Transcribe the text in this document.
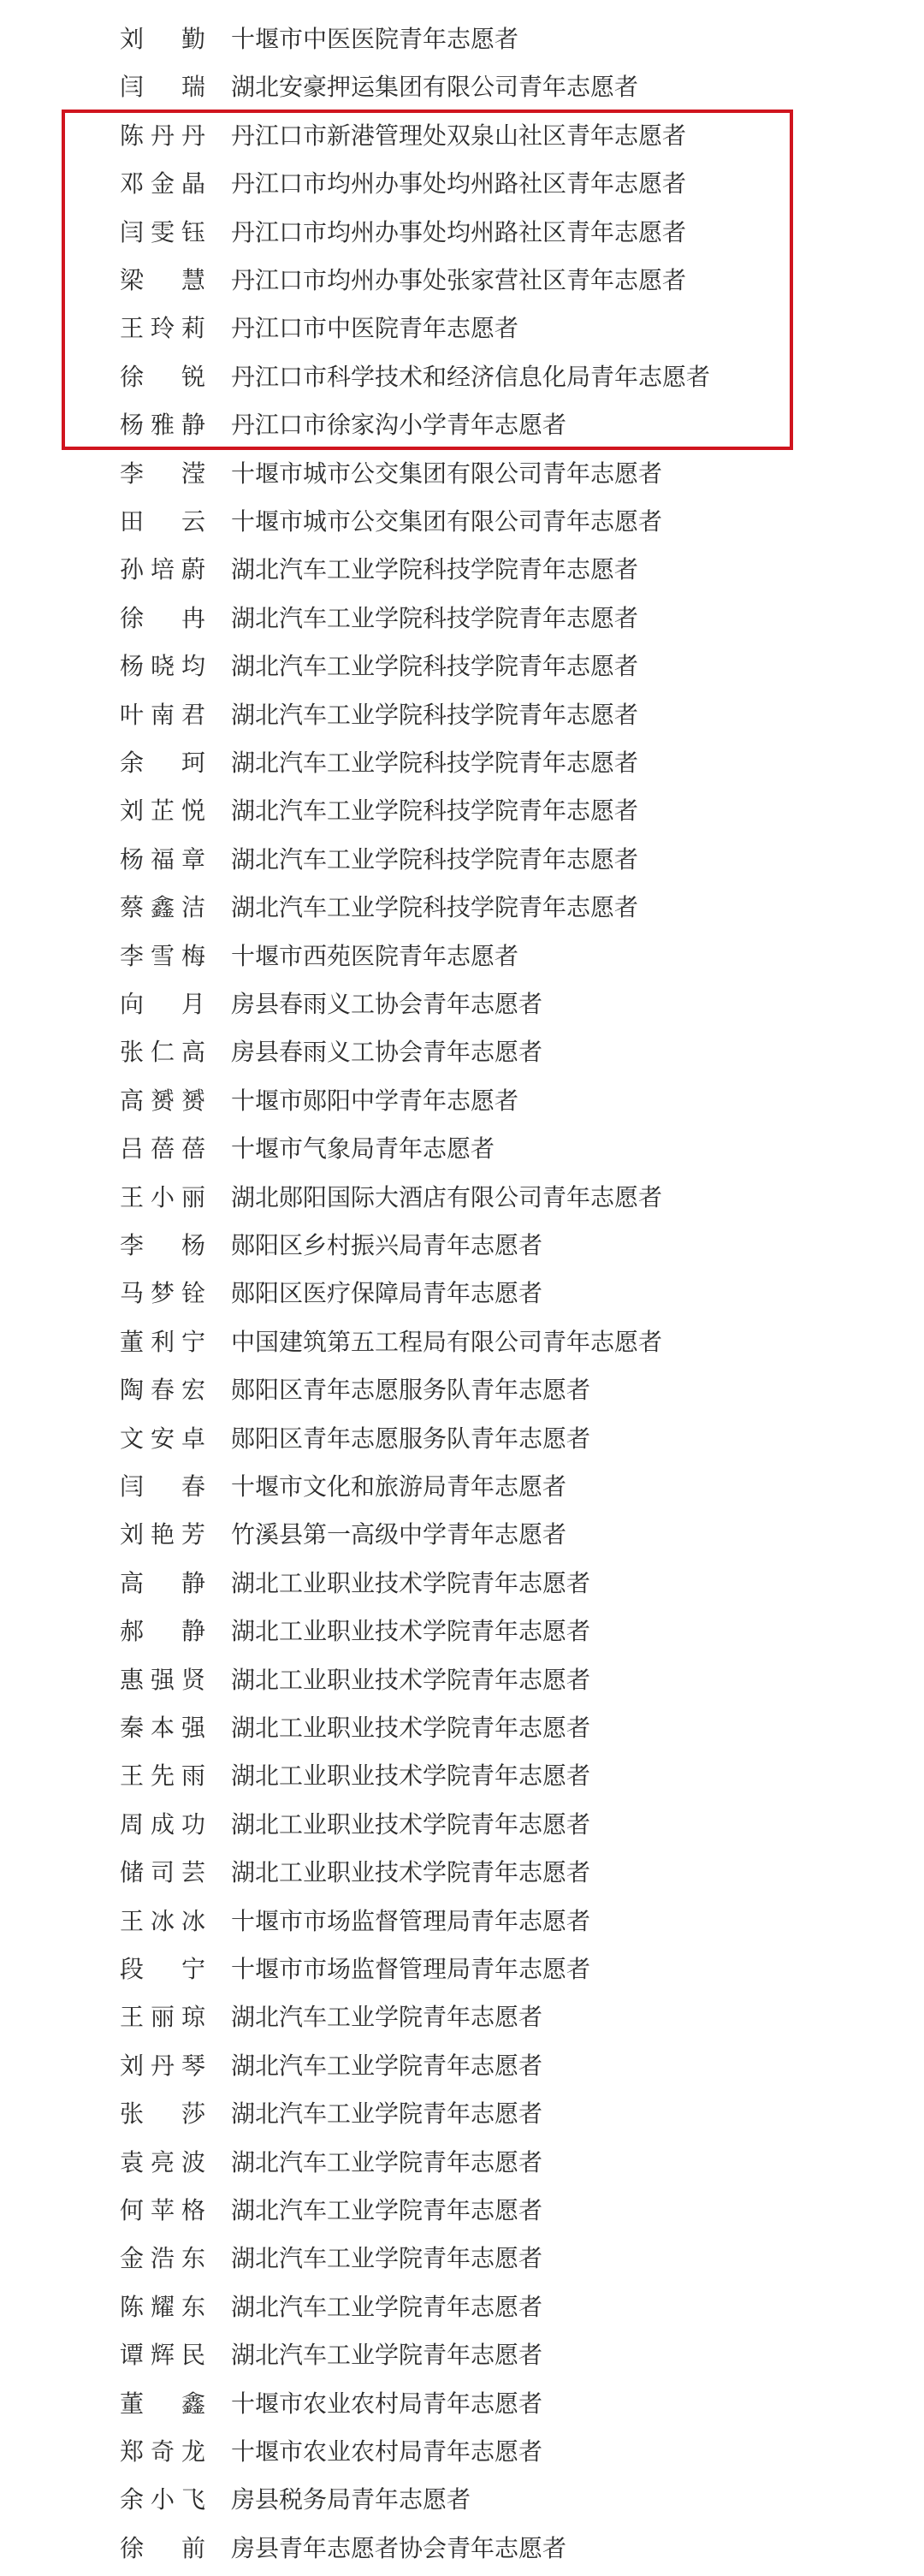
刘勤 十堰市中医医院青年志愿者
闫瑞 湖北安豪押运集团有限公司青年志愿者
陈丹丹 丹江口市新港管理处双泉山社区青年志愿者
邓金晶 丹江口市均州办事处均州路社区青年志愿者
闫雯钰 丹江口市均州办事处均州路社区青年志愿者
梁慧 丹江口市均州办事处张家营社区青年志愿者
王玲莉 丹江口市中医院青年志愿者
徐锐 丹江口市科学技术和经济信息化局青年志愿者
杨雅静 丹江口市徐家沟小学青年志愿者
李滢 十堰市城市公交集团有限公司青年志愿者
田云 十堰市城市公交集团有限公司青年志愿者
孙培蔚 湖北汽车工业学院科技学院青年志愿者
徐冉 湖北汽车工业学院科技学院青年志愿者
杨晓均 湖北汽车工业学院科技学院青年志愿者
叶南君 湖北汽车工业学院科技学院青年志愿者
余珂 湖北汽车工业学院科技学院青年志愿者
刘芷悦 湖北汽车工业学院科技学院青年志愿者
杨福章 湖北汽车工业学院科技学院青年志愿者
蔡鑫洁 湖北汽车工业学院科技学院青年志愿者
李雪梅 十堰市西苑医院青年志愿者
向月 房县春雨义工协会青年志愿者
张仁高 房县春雨义工协会青年志愿者
高赟赟 十堰市郧阳中学青年志愿者
吕蓓蓓 十堰市气象局青年志愿者
王小丽 湖北郧阳国际大酒店有限公司青年志愿者
李杨 郧阳区乡村振兴局青年志愿者
马梦铨 郧阳区医疗保障局青年志愿者
董利宁 中国建筑第五工程局有限公司青年志愿者
陶春宏 郧阳区青年志愿服务队青年志愿者
文安卓 郧阳区青年志愿服务队青年志愿者
闫春 十堰市文化和旅游局青年志愿者
刘艳芳 竹溪县第一高级中学青年志愿者
高静 湖北工业职业技术学院青年志愿者
郝静 湖北工业职业技术学院青年志愿者
惠强贤 湖北工业职业技术学院青年志愿者
秦本强 湖北工业职业技术学院青年志愿者
王先雨 湖北工业职业技术学院青年志愿者
周成功 湖北工业职业技术学院青年志愿者
储司芸 湖北工业职业技术学院青年志愿者
王冰冰 十堰市市场监督管理局青年志愿者
段宁 十堰市市场监督管理局青年志愿者
王丽琼 湖北汽车工业学院青年志愿者
刘丹琴 湖北汽车工业学院青年志愿者
张莎 湖北汽车工业学院青年志愿者
袁亮波 湖北汽车工业学院青年志愿者
何苹格 湖北汽车工业学院青年志愿者
金浩东 湖北汽车工业学院青年志愿者
陈耀东 湖北汽车工业学院青年志愿者
谭辉民 湖北汽车工业学院青年志愿者
董鑫 十堰市农业农村局青年志愿者
郑奇龙 十堰市农业农村局青年志愿者
余小飞 房县税务局青年志愿者
徐前 房县青年志愿者协会青年志愿者
